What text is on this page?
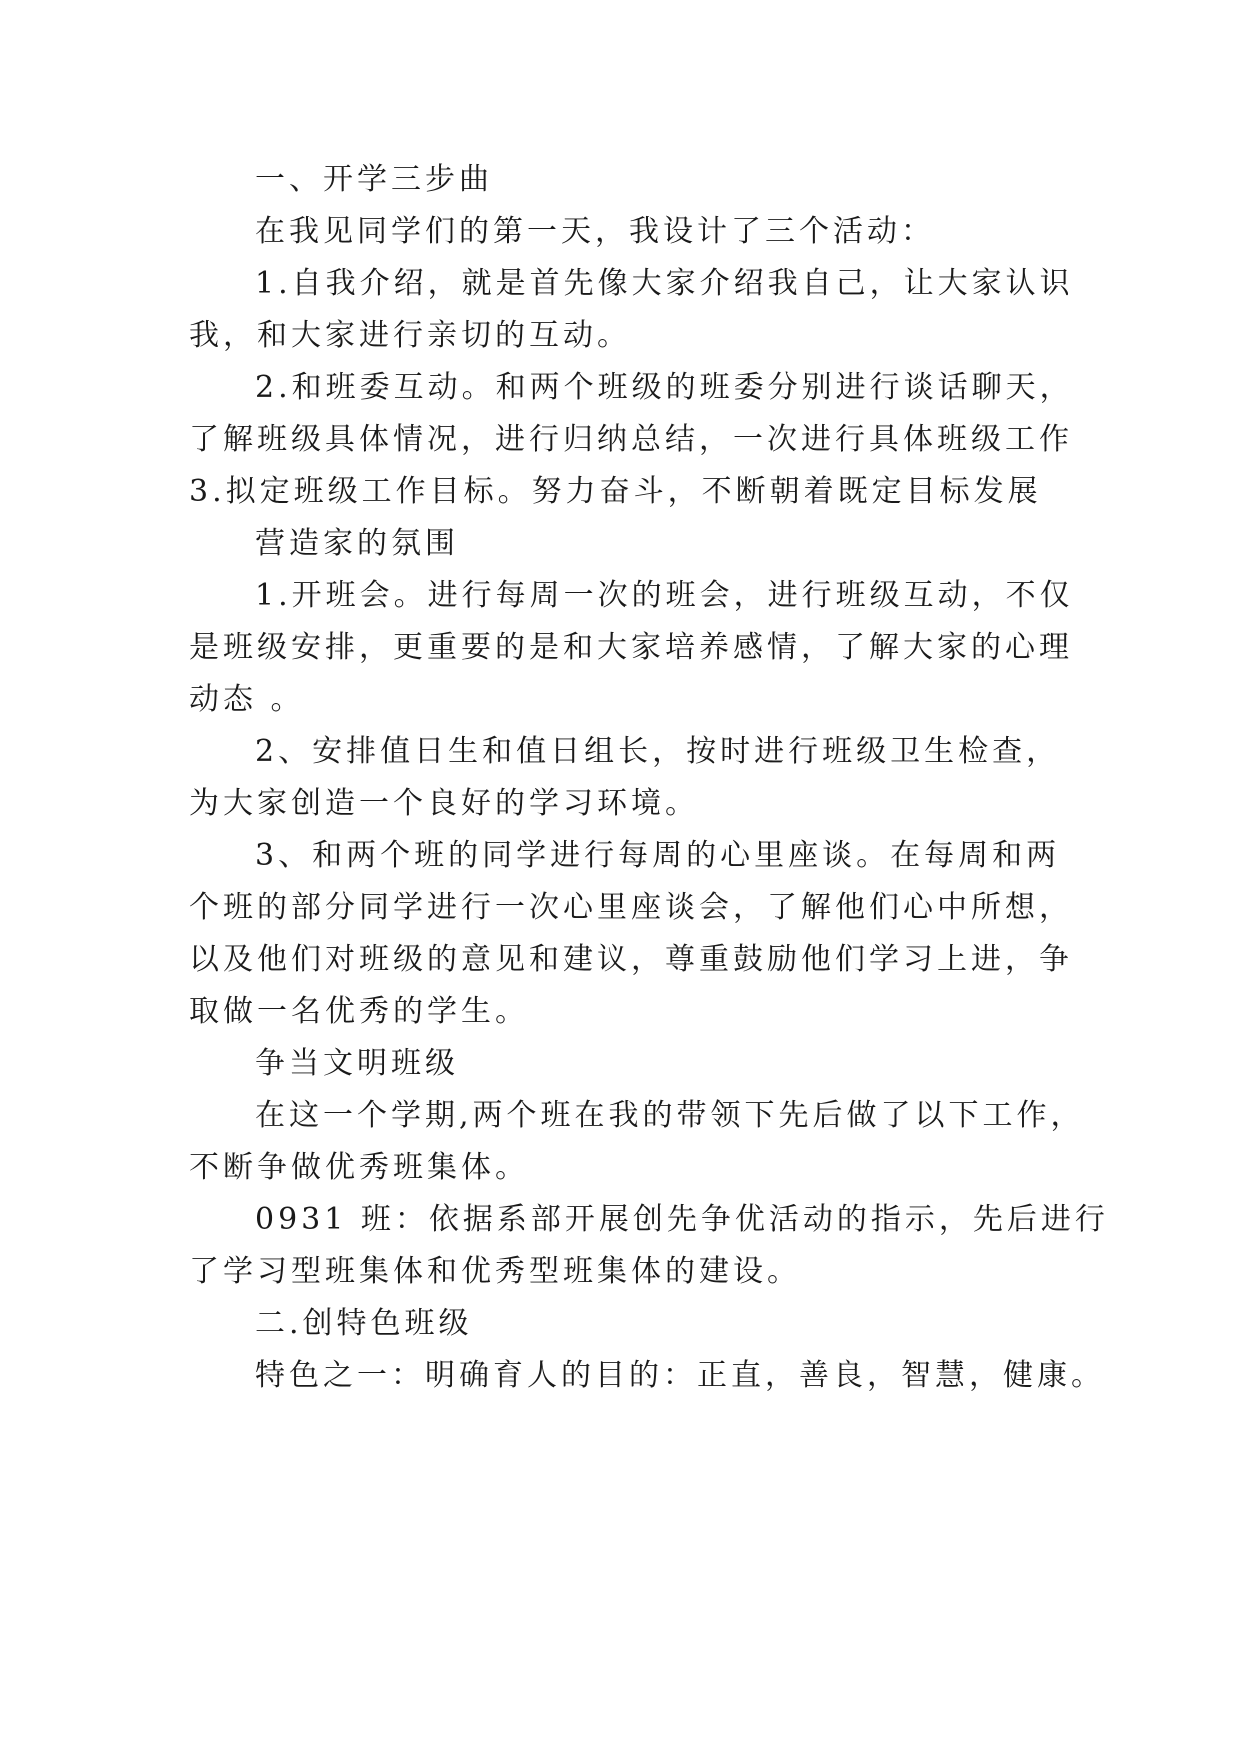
一、开学三步曲
在我见同学们的第一天，我设计了三个活动：
1.自我介绍，就是首先像大家介绍我自己，让大家认识
我，和大家进行亲切的互动。
2.和班委互动。和两个班级的班委分别进行谈话聊天，
了解班级具体情况，进行归纳总结，一次进行具体班级工作
3.拟定班级工作目标。努力奋斗，不断朝着既定目标发展
营造家的氛围
1.开班会。进行每周一次的班会，进行班级互动，不仅
是班级安排，更重要的是和大家培养感情，了解大家的心理
动态 。
2、安排值日生和值日组长，按时进行班级卫生检查，
为大家创造一个良好的学习环境。
3、和两个班的同学进行每周的心里座谈。在每周和两
个班的部分同学进行一次心里座谈会，了解他们心中所想，
以及他们对班级的意见和建议，尊重鼓励他们学习上进，争
取做一名优秀的学生。
争当文明班级
在这一个学期,两个班在我的带领下先后做了以下工作，
不断争做优秀班集体。
0931 班：依据系部开展创先争优活动的指示，先后进行
了学习型班集体和优秀型班集体的建设。
二.创特色班级
特色之一：明确育人的目的：正直，善良，智慧，健康。
